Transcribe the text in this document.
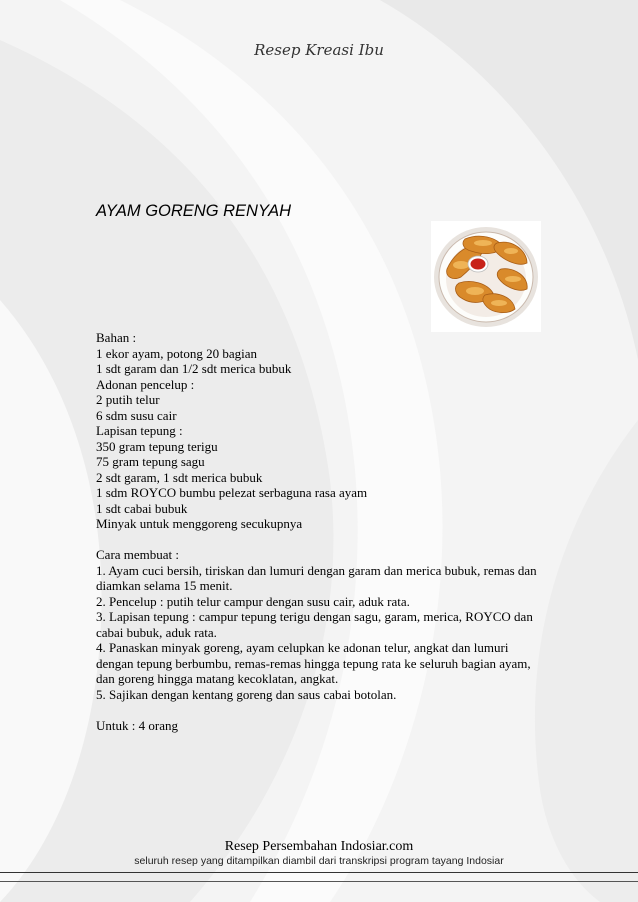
Resep Kreasi Ibu
AYAM GORENG RENYAH
Bahan :
1 ekor ayam, potong 20 bagian
1 sdt garam dan 1/2 sdt merica bubuk
Adonan pencelup :
2 putih telur
6 sdm susu cair
Lapisan tepung :
350 gram tepung terigu
75 gram tepung sagu
2 sdt garam, 1 sdt merica bubuk
1 sdm ROYCO bumbu pelezat serbaguna rasa ayam
1 sdt cabai bubuk
Minyak untuk menggoreng secukupnya
Cara membuat :
1. Ayam cuci bersih, tiriskan dan lumuri dengan garam dan merica bubuk, remas dan
diamkan selama 15 menit.
2. Pencelup : putih telur campur dengan susu cair, aduk rata.
3. Lapisan tepung : campur tepung terigu dengan sagu, garam, merica, ROYCO dan
cabai bubuk, aduk rata.
4. Panaskan minyak goreng, ayam celupkan ke adonan telur, angkat dan lumuri
dengan tepung berbumbu, remas-remas hingga tepung rata ke seluruh bagian ayam,
dan goreng hingga matang kecoklatan, angkat.
5. Sajikan dengan kentang goreng dan saus cabai botolan.
Untuk : 4 orang
Resep Persembahan Indosiar.com
seluruh resep yang ditampilkan diambil dari transkripsi program tayang Indosiar
